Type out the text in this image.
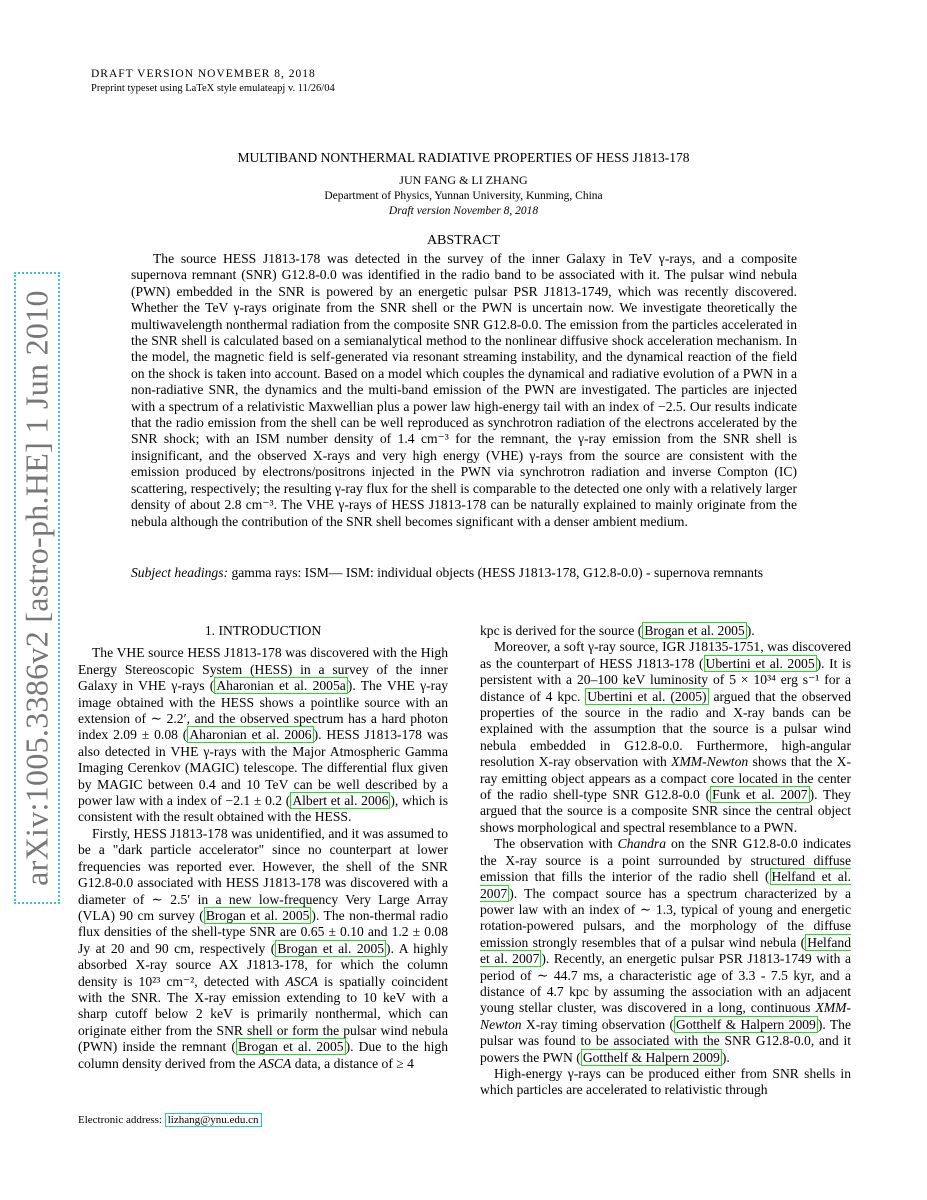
arXiv:1005.3386v2 [astro-ph.HE] 1 Jun 2010
DRAFT VERSION NOVEMBER 8, 2018
Preprint typeset using LaTeX style emulateapj v. 11/26/04
MULTIBAND NONTHERMAL RADIATIVE PROPERTIES OF HESS J1813-178
JUN FANG & LI ZHANG
Department of Physics, Yunnan University, Kunming, China
Draft version November 8, 2018
ABSTRACT
The source HESS J1813-178 was detected in the survey of the inner Galaxy in TeV γ-rays, and a composite supernova remnant (SNR) G12.8-0.0 was identified in the radio band to be associated with it. The pulsar wind nebula (PWN) embedded in the SNR is powered by an energetic pulsar PSR J1813-1749, which was recently discovered. Whether the TeV γ-rays originate from the SNR shell or the PWN is uncertain now. We investigate theoretically the multiwavelength nonthermal radiation from the composite SNR G12.8-0.0. The emission from the particles accelerated in the SNR shell is calculated based on a semianalytical method to the nonlinear diffusive shock acceleration mechanism. In the model, the magnetic field is self-generated via resonant streaming instability, and the dynamical reaction of the field on the shock is taken into account. Based on a model which couples the dynamical and radiative evolution of a PWN in a non-radiative SNR, the dynamics and the multi-band emission of the PWN are investigated. The particles are injected with a spectrum of a relativistic Maxwellian plus a power law high-energy tail with an index of −2.5. Our results indicate that the radio emission from the shell can be well reproduced as synchrotron radiation of the electrons accelerated by the SNR shock; with an ISM number density of 1.4 cm⁻³ for the remnant, the γ-ray emission from the SNR shell is insignificant, and the observed X-rays and very high energy (VHE) γ-rays from the source are consistent with the emission produced by electrons/positrons injected in the PWN via synchrotron radiation and inverse Compton (IC) scattering, respectively; the resulting γ-ray flux for the shell is comparable to the detected one only with a relatively larger density of about 2.8 cm⁻³. The VHE γ-rays of HESS J1813-178 can be naturally explained to mainly originate from the nebula although the contribution of the SNR shell becomes significant with a denser ambient medium.
Subject headings: gamma rays: ISM— ISM: individual objects (HESS J1813-178, G12.8-0.0) - supernova remnants
1. INTRODUCTION

The VHE source HESS J1813-178 was discovered with the High Energy Stereoscopic System (HESS) in a survey of the inner Galaxy in VHE γ-rays ( Aharonian et al. 2005a ). The VHE γ-ray image obtained with the HESS shows a pointlike source with an extension of ∼ 2.2′, and the observed spectrum has a hard photon index 2.09 ± 0.08 ( Aharonian et al. 2006 ). HESS J1813-178 was also detected in VHE γ-rays with the Major Atmospheric Gamma Imaging Cerenkov (MAGIC) telescope. The differential flux given by MAGIC between 0.4 and 10 TeV can be well described by a power law with a index of −2.1 ± 0.2 ( Albert et al. 2006 ), which is consistent with the result obtained with the HESS.

Firstly, HESS J1813-178 was unidentified, and it was assumed to be a "dark particle accelerator" since no counterpart at lower frequencies was reported ever. However, the shell of the SNR G12.8-0.0 associated with HESS J1813-178 was discovered with a diameter of ∼ 2.5′ in a new low-frequency Very Large Array (VLA) 90 cm survey ( Brogan et al. 2005 ). The non-thermal radio flux densities of the shell-type SNR are 0.65 ± 0.10 and 1.2 ± 0.08 Jy at 20 and 90 cm, respectively ( Brogan et al. 2005 ). A highly absorbed X-ray source AX J1813-178, for which the column density is 10²³ cm⁻², detected with ASCA is spatially coincident with the SNR. The X-ray emission extending to 10 keV with a sharp cutoff below 2 keV is primarily nonthermal, which can originate either from the SNR shell or form the pulsar wind nebula (PWN) inside the remnant ( Brogan et al. 2005 ). Due to the high column density derived from the ASCA data, a distance of ≥ 4

kpc is derived for the source ( Brogan et al. 2005 ).

Moreover, a soft γ-ray source, IGR J18135-1751, was discovered as the counterpart of HESS J1813-178 ( Ubertini et al. 2005 ). It is persistent with a 20–100 keV luminosity of 5 × 10³⁴ erg s⁻¹ for a distance of 4 kpc. Ubertini et al. (2005) argued that the observed properties of the source in the radio and X-ray bands can be explained with the assumption that the source is a pulsar wind nebula embedded in G12.8-0.0. Furthermore, high-angular resolution X-ray observation with XMM-Newton shows that the X-ray emitting object appears as a compact core located in the center of the radio shell-type SNR G12.8-0.0 ( Funk et al. 2007 ). They argued that the source is a composite SNR since the central object shows morphological and spectral resemblance to a PWN.

The observation with Chandra on the SNR G12.8-0.0 indicates the X-ray source is a point surrounded by structured diffuse emission that fills the interior of the radio shell ( Helfand et al. 2007 ). The compact source has a spectrum characterized by a power law with an index of ∼ 1.3, typical of young and energetic rotation-powered pulsars, and the morphology of the diffuse emission strongly resembles that of a pulsar wind nebula ( Helfand et al. 2007 ). Recently, an energetic pulsar PSR J1813-1749 with a period of ∼ 44.7 ms, a characteristic age of 3.3 - 7.5 kyr, and a distance of 4.7 kpc by assuming the association with an adjacent young stellar cluster, was discovered in a long, continuous XMM-Newton X-ray timing observation ( Gotthelf & Halpern 2009 ). The pulsar was found to be associated with the SNR G12.8-0.0, and it powers the PWN ( Gotthelf & Halpern 2009 ).

High-energy γ-rays can be produced either from SNR shells in which particles are accelerated to relativistic through

Electronic address: lizhang@ynu.edu.cn
